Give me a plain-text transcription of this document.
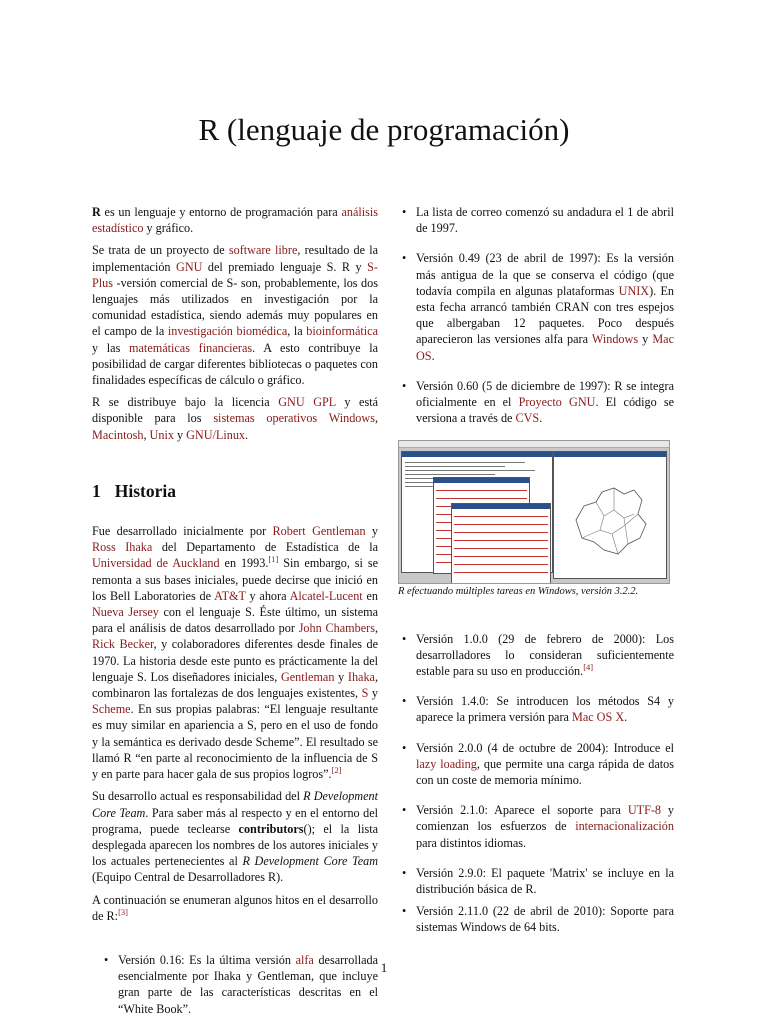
R (lenguaje de programación)

R es un lenguaje y entorno de programación para análisis estadístico y gráfico.

Se trata de un proyecto de software libre, resultado de la implementación GNU del premiado lenguaje S. R y S-Plus -versión comercial de S- son, probablemente, los dos lenguajes más utilizados en investigación por la comunidad estadística, siendo además muy populares en el campo de la investigación biomédica, la bioinformática y las matemáticas financieras. A esto contribuye la posibilidad de cargar diferentes bibliotecas o paquetes con finalidades específicas de cálculo o gráfico.

R se distribuye bajo la licencia GNU GPL y está disponible para los sistemas operativos Windows, Macintosh, Unix y GNU/Linux.

1 Historia

Fue desarrollado inicialmente por Robert Gentleman y Ross Ihaka del Departamento de Estadística de la Universidad de Auckland en 1993.[1] Sin embargo, si se remonta a sus bases iniciales, puede decirse que inició en los Bell Laboratories de AT&T y ahora Alcatel-Lucent en Nueva Jersey con el lenguaje S. Éste último, un sistema para el análisis de datos desarrollado por John Chambers, Rick Becker, y colaboradores diferentes desde finales de 1970. La historia desde este punto es prácticamente la del lenguaje S. Los diseñadores iniciales, Gentleman y Ihaka, combinaron las fortalezas de dos lenguajes existentes, S y Scheme. En sus propias palabras: “El lenguaje resultante es muy similar en apariencia a S, pero en el uso de fondo y la semántica es derivado desde Scheme”. El resultado se llamó R “en parte al reconocimiento de la influencia de S y en parte para hacer gala de sus propios logros”.[2]

Su desarrollo actual es responsabilidad del R Development Core Team. Para saber más al respecto y en el entorno del programa, puede teclearse contributors(); el la lista desplegada aparecen los nombres de los autores iniciales y los actuales pertenecientes al R Development Core Team (Equipo Central de Desarrolladores R).

A continuación se enumeran algunos hitos en el desarrollo de R:[3]

• Versión 0.16: Es la última versión alfa desarrollada esencialmente por Ihaka y Gentleman, que incluye gran parte de las características descritas en el “White Book”.
• La lista de correo comenzó su andadura el 1 de abril de 1997.
• Versión 0.49 (23 de abril de 1997): Es la versión más antigua de la que se conserva el código (que todavía compila en algunas plataformas UNIX). En esta fecha arrancó también CRAN con tres espejos que albergaban 12 paquetes. Poco después aparecieron las versiones alfa para Windows y Mac OS.
• Versión 0.60 (5 de diciembre de 1997): R se integra oficialmente en el Proyecto GNU. El código se versiona a través de CVS.

R efectuando múltiples tareas en Windows, versión 3.2.2.

• Versión 1.0.0 (29 de febrero de 2000): Los desarrolladores lo consideran suficientemente estable para su uso en producción.[4]
• Versión 1.4.0: Se introducen los métodos S4 y aparece la primera versión para Mac OS X.
• Versión 2.0.0 (4 de octubre de 2004): Introduce el lazy loading, que permite una carga rápida de datos con un coste de memoria mínimo.
• Versión 2.1.0: Aparece el soporte para UTF-8 y comienzan los esfuerzos de internacionalización para distintos idiomas.
• Versión 2.9.0: El paquete 'Matrix' se incluye en la distribución básica de R.
• Versión 2.11.0 (22 de abril de 2010): Soporte para sistemas Windows de 64 bits.
1
